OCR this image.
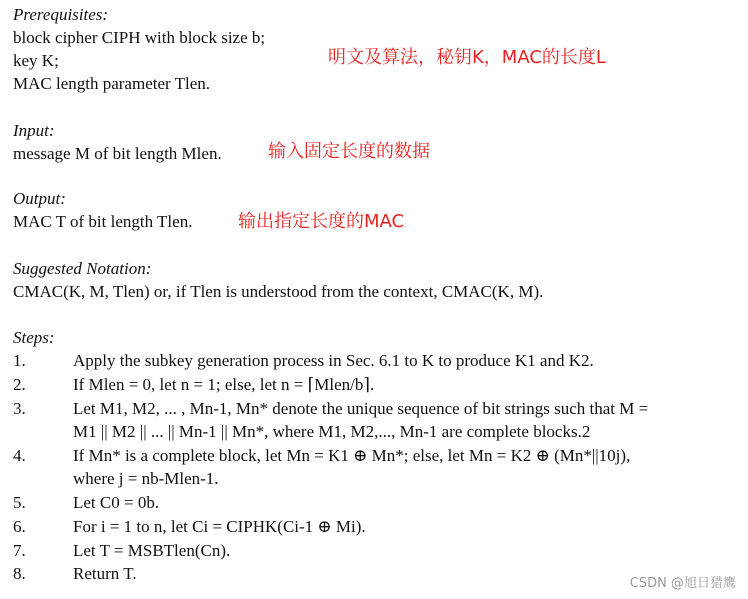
Prerequisites:
block cipher CIPH with block size b;
key K;
MAC length parameter Tlen.
明文及算法，秘钥K，MAC的长度L
Input:
message M of bit length Mlen.	输入固定长度的数据
Output:
MAC T of bit length Tlen.	输出指定长度的MAC
Suggested Notation:
CMAC(K, M, Tlen) or, if Tlen is understood from the context, CMAC(K, M).
Steps:
1.	Apply the subkey generation process in Sec. 6.1 to K to produce K1 and K2.
2.	If Mlen = 0, let n = 1; else, let n = ⌈Mlen/b⌉.
3.	Let M1, M2, ... , Mn-1, Mn* denote the unique sequence of bit strings such that M =
M1 || M2 || ... || Mn-1 || Mn*, where M1, M2,..., Mn-1 are complete blocks.2
4.	If Mn* is a complete block, let Mn = K1 ⊕ Mn*; else, let Mn = K2 ⊕ (Mn*||10j),
where j = nb-Mlen-1.
5.	Let C0 = 0b.
6.	For i = 1 to n, let Ci = CIPHK(Ci-1 ⊕ Mi).
7.	Let T = MSBTlen(Cn).
8.	Return T.
CSDN @旭日猎鹰
